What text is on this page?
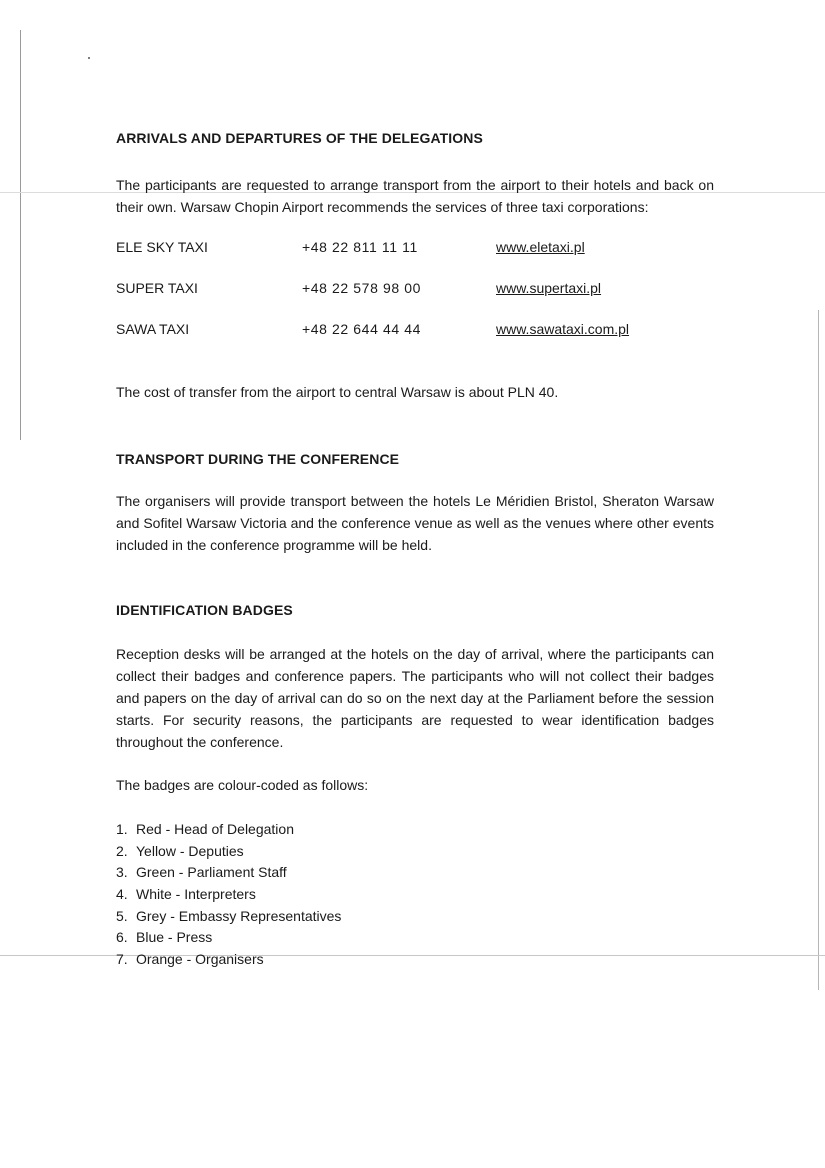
ARRIVALS AND DEPARTURES OF THE DELEGATIONS

The participants are requested to arrange transport from the airport to their hotels and back on their own. Warsaw Chopin Airport recommends the services of three taxi corporations:

ELE SKY TAXI	+48 22 811 11 11	www.eletaxi.pl
SUPER TAXI	+48 22 578 98 00	www.supertaxi.pl
SAWA TAXI	+48 22 644 44 44	www.sawataxi.com.pl

The cost of transfer from the airport to central Warsaw is about PLN 40.

TRANSPORT DURING THE CONFERENCE

The organisers will provide transport between the hotels Le Méridien Bristol, Sheraton Warsaw and Sofitel Warsaw Victoria and the conference venue as well as the venues where other events included in the conference programme will be held.

IDENTIFICATION BADGES

Reception desks will be arranged at the hotels on the day of arrival, where the participants can collect their badges and conference papers. The participants who will not collect their badges and papers on the day of arrival can do so on the next day at the Parliament before the session starts. For security reasons, the participants are requested to wear identification badges throughout the conference.

The badges are colour-coded as follows:

1. Red - Head of Delegation
2. Yellow - Deputies
3. Green - Parliament Staff
4. White - Interpreters
5. Grey - Embassy Representatives
6. Blue - Press
7. Orange - Organisers
